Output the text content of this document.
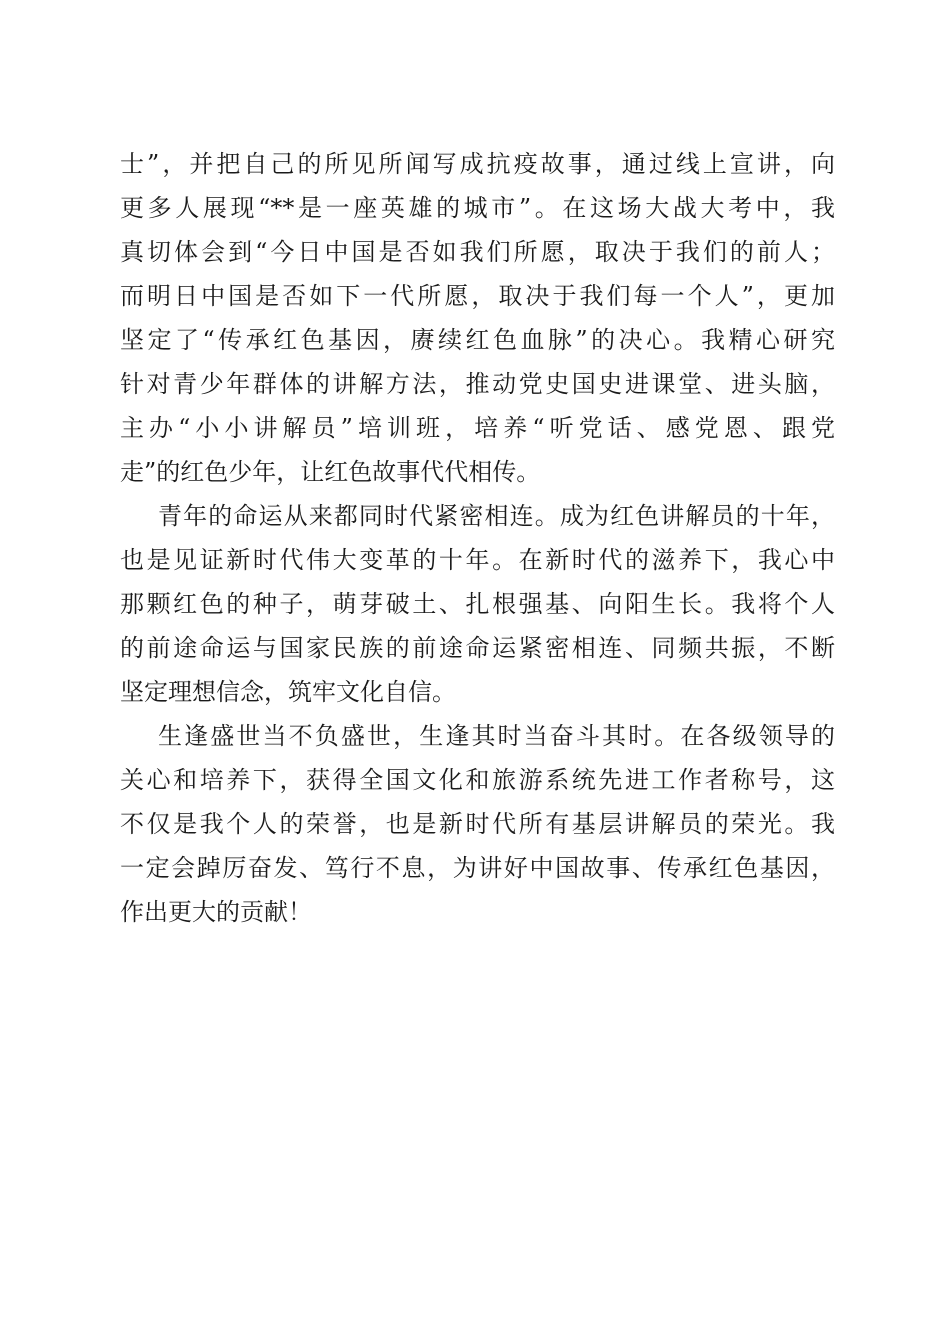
士”，并把自己的所见所闻写成抗疫故事，通过线上宣讲，向
更多人展现“**是一座英雄的城市”。在这场大战大考中，我
真切体会到“今日中国是否如我们所愿，取决于我们的前人；
而明日中国是否如下一代所愿，取决于我们每一个人”，更加
坚定了“传承红色基因，赓续红色血脉”的决心。我精心研究
针对青少年群体的讲解方法，推动党史国史进课堂、进头脑，
主办“小小讲解员”培训班，培养“听党话、感党恩、跟党
走”的红色少年，让红色故事代代相传。
青年的命运从来都同时代紧密相连。成为红色讲解员的十年，
也是见证新时代伟大变革的十年。在新时代的滋养下，我心中
那颗红色的种子，萌芽破土、扎根强基、向阳生长。我将个人
的前途命运与国家民族的前途命运紧密相连、同频共振，不断
坚定理想信念，筑牢文化自信。
生逢盛世当不负盛世，生逢其时当奋斗其时。在各级领导的
关心和培养下，获得全国文化和旅游系统先进工作者称号，这
不仅是我个人的荣誉，也是新时代所有基层讲解员的荣光。我
一定会踔厉奋发、笃行不息，为讲好中国故事、传承红色基因，
作出更大的贡献！
